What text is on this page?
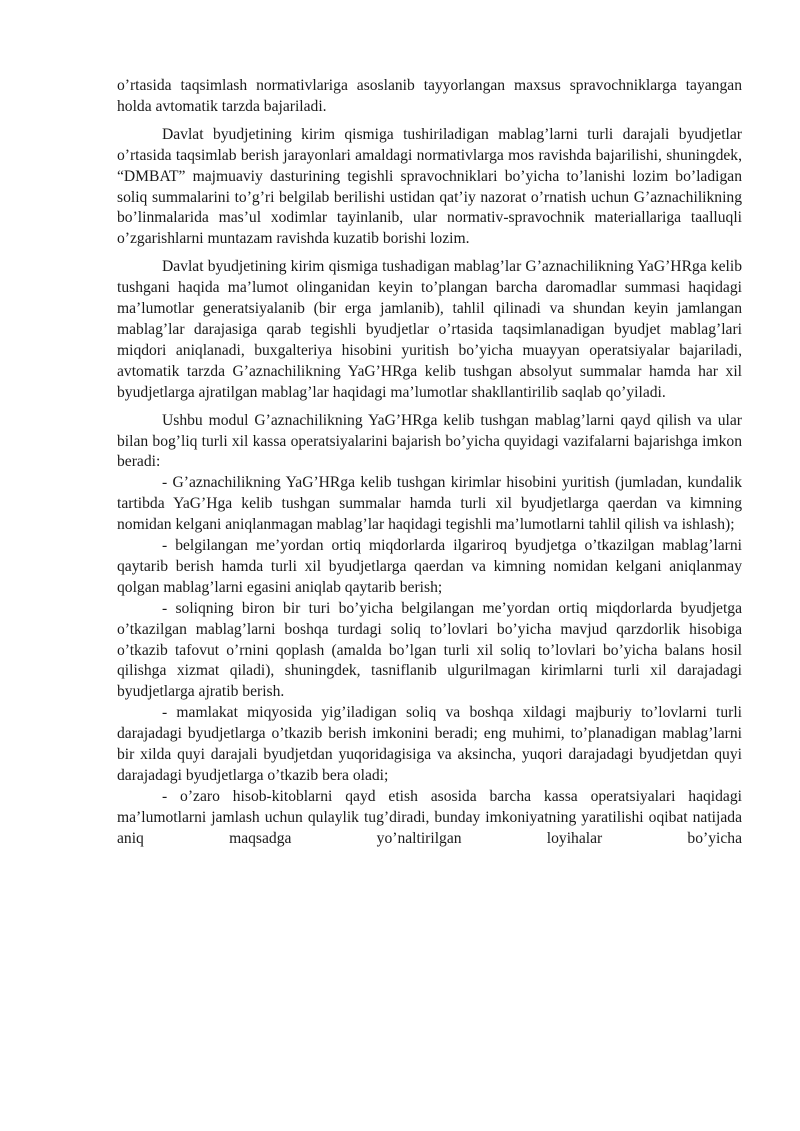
o’rtasida taqsimlash normativlariga asoslanib tayyorlangan maxsus spravochniklarga tayangan holda avtomatik tarzda bajariladi.

Davlat byudjetining kirim qismiga tushiriladigan mablag’larni turli darajali byudjetlar o’rtasida taqsimlab berish jarayonlari amaldagi normativlarga mos ravishda bajarilishi, shuningdek, “DMBAT” majmuaviy dasturining tegishli spravochniklari bo’yicha to’lanishi lozim bo’ladigan soliq summalarini to’g’ri belgilab berilishi ustidan qat’iy nazorat o’rnatish uchun G’aznachilikning bo’linmalarida mas’ul xodimlar tayinlanib, ular normativ-spravochnik materiallariga taalluqli o’zgarishlarni muntazam ravishda kuzatib borishi lozim.

Davlat byudjetining kirim qismiga tushadigan mablag’lar G’aznachilikning YaG’HRga kelib tushgani haqida ma’lumot olinganidan keyin to’plangan barcha daromadlar summasi haqidagi ma’lumotlar generatsiyalanib (bir erga jamlanib), tahlil qilinadi va shundan keyin jamlangan mablag’lar darajasiga qarab tegishli byudjetlar o’rtasida taqsimlanadigan byudjet mablag’lari miqdori aniqlanadi, buxgalteriya hisobini yuritish bo’yicha muayyan operatsiyalar bajariladi, avtomatik tarzda G’aznachilikning YaG’HRga kelib tushgan absolyut summalar hamda har xil byudjetlarga ajratilgan mablag’lar haqidagi ma’lumotlar shakllantirilib saqlab qo’yiladi.

Ushbu modul G’aznachilikning YaG’HRga kelib tushgan mablag’larni qayd qilish va ular bilan bog’liq turli xil kassa operatsiyalarini bajarish bo’yicha quyidagi vazifalarni bajarishga imkon beradi:

- G’aznachilikning YaG’HRga kelib tushgan kirimlar hisobini yuritish (jumladan, kundalik tartibda YaG’Hga kelib tushgan summalar hamda turli xil byudjetlarga qaerdan va kimning nomidan kelgani aniqlanmagan mablag’lar haqidagi tegishli ma’lumotlarni tahlil qilish va ishlash);

- belgilangan me’yordan ortiq miqdorlarda ilgariroq byudjetga o’tkazilgan mablag’larni qaytarib berish hamda turli xil byudjetlarga qaerdan va kimning nomidan kelgani aniqlanmay qolgan mablag’larni egasini aniqlab qaytarib berish;

- soliqning biron bir turi bo’yicha belgilangan me’yordan ortiq miqdorlarda byudjetga o’tkazilgan mablag’larni boshqa turdagi soliq to’lovlari bo’yicha mavjud qarzdorlik hisobiga o’tkazib tafovut o’rnini qoplash (amalda bo’lgan turli xil soliq to’lovlari bo’yicha balans hosil qilishga xizmat qiladi), shuningdek, tasniflanib ulgurilmagan kirimlarni turli xil darajadagi byudjetlarga ajratib berish.

- mamlakat miqyosida yig’iladigan soliq va boshqa xildagi majburiy to’lovlarni turli darajadagi byudjetlarga o’tkazib berish imkonini beradi; eng muhimi, to’planadigan mablag’larni bir xilda quyi darajali byudjetdan yuqoridagisiga va aksincha, yuqori darajadagi byudjetdan quyi darajadagi byudjetlarga o’tkazib bera oladi;

- o’zaro hisob-kitoblarni qayd etish asosida barcha kassa operatsiyalari haqidagi ma’lumotlarni jamlash uchun qulaylik tug’diradi, bunday imkoniyatning yaratilishi oqibat natijada aniq maqsadga yo’naltirilgan loyihalar bo’yicha
